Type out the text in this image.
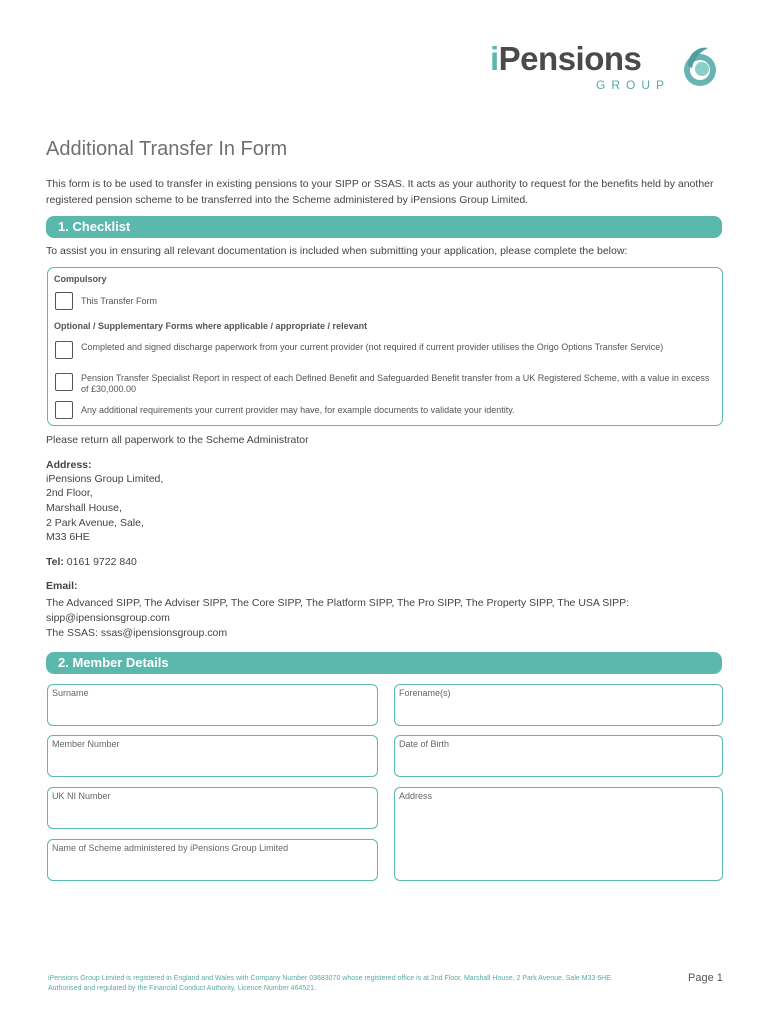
iPensions
GROUP
Additional Transfer In Form
This form is to be used to transfer in existing pensions to your SIPP or SSAS. It acts as your authority to request for the benefits held by another registered pension scheme to be transferred into the Scheme administered by iPensions Group Limited.
1. Checklist
To assist you in ensuring all relevant documentation is included when submitting your application, please complete the below:
Compulsory
This Transfer Form
Optional / Supplementary Forms where applicable / appropriate / relevant
Completed and signed discharge paperwork from your current provider (not required if current provider utilises the Origo Options Transfer Service)
Pension Transfer Specialist Report in respect of each Defined Benefit and Safeguarded Benefit transfer from a UK Registered Scheme, with a value in excess of £30,000.00
Any additional requirements your current provider may have, for example documents to validate your identity.
Please return all paperwork to the Scheme Administrator
Address:
iPensions Group Limited,
2nd Floor,
Marshall House,
2 Park Avenue, Sale,
M33 6HE
Tel: 0161 9722 840
Email:
The Advanced SIPP, The Adviser SIPP, The Core SIPP, The Platform SIPP, The Pro SIPP, The Property SIPP, The USA SIPP:
sipp@ipensionsgroup.com
The SSAS: ssas@ipensionsgroup.com
2. Member Details
Surname	Forename(s)
Member Number	Date of Birth
UK NI Number	Address
Name of Scheme administered by iPensions Group Limited
iPensions Group Limited is registered in England and Wales with Company Number 03683070 whose registered office is at 2nd Floor, Marshall House, 2 Park Avenue, Sale M33 6HE. Authorised and regulated by the Financial Conduct Authority, Licence Number 464521.
Page 1
